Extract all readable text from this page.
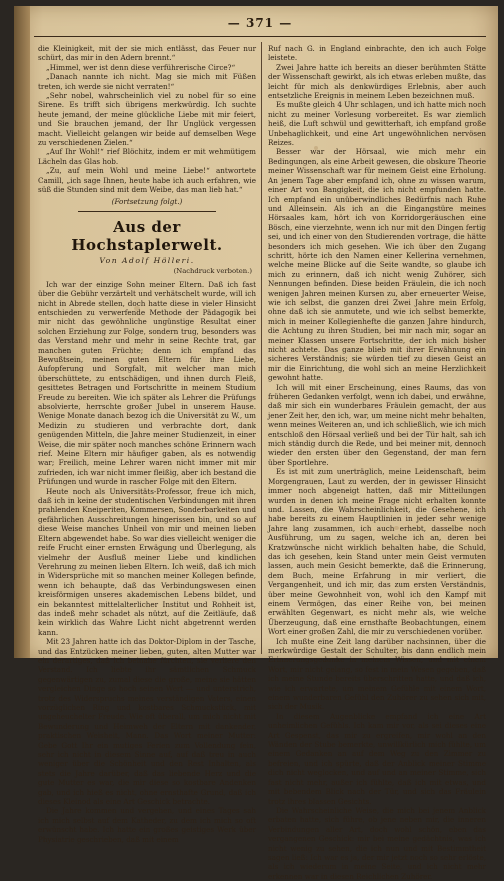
— 371 —

die Kleinigkeit, mit der sie mich entlässt, das Feuer nur schürt, das mir in den Adern brennt.“

„Himmel, wer ist denn diese verführerische Circe?“

„Danach nannte ich nicht. Mag sie mich mit Füßen treten, ich werde sie nicht verraten!“

„Sehr nobel, wahrscheinlich viel zu nobel für so eine Sirene. Es trifft sich übrigens merkwürdig. Ich suchte heute jemand, der meine glückliche Liebe mit mir feiert, und Sie brauchen jemand, der Ihr Unglück vergessen macht. Vielleicht gelangen wir beide auf demselben Wege zu verschiedenen Zielen.“

„Auf Ihr Wohl!“ rief Blöchitz, indem er mit wehmütigem Lächeln das Glas hob.

„Zu, auf mein Wohl und meine Liebe!“ antwortete Camill, „ich sage Ihnen, heute habe ich auch erfahren, wie süß die Stunden sind mit dem Weibe, das man lieb hat.“

(Fortsetzung folgt.)
Aus der Hochstaplerwelt.
Von Adolf Hölleri.
(Nachdruck verboten.)

Ich war der einzige Sohn meiner Eltern. Daß ich fast über die Gebühr verzärtelt und verhätschelt wurde, will ich nicht in Abrede stellen, doch hatte diese in vieler Hinsicht entschieden zu verwerfende Methode der Pädagogik bei mir nicht das gewöhnliche ungünstige Resultat einer solchen Erziehung zur Folge, sondern trug, besonders was das Verstand mehr und mehr in seine Rechte trat, gar manchen guten Früchte; denn ich empfand das Bewußtsein, meinen guten Eltern für ihre Liebe, Aufopferung und Sorgfalt, mit welcher man mich überschüttete, zu entschädigen, und ihnen durch Fleiß, gesittetes Betragen und Fortschritte in meinem Studium Freude zu bereiten. Wie ich später als Lehrer die Prüfungs absolvierte, herrschte großer Jubel in unserem Hause. Wenige Monate danach bezog ich die Universität zu W., um Medizin zu studieren und verbrachte dort, dank genügenden Mitteln, die Jahre meiner Studienzeit, in einer Weise, die mir später noch manches schöne Erinnern wach rief. Meine Eltern mir häufiger gaben, als es notwendig war; Freilich, meine Lehrer waren nicht immer mit mir zufrieden, ich war nicht immer fleißig, aber ich bestand die Prüfungen und wurde in rascher Folge mit den Eltern.

Heute noch als Universitäts-Professor, freue ich mich, daß ich in keine der studentischen Verbindungen mit ihren prahlenden Kneiperiten, Kommersen, Sonderbarkeiten und gefährlichen Ausschreitungen hingerissen bin, und so auf diese Weise manches Unheil von mir und meinen lieben Eltern abgewendet habe. So war dies vielleicht weniger die reife Frucht einer ernsten Erwägung und Überlegung, als vielmehr der Ausfluß meiner Liebe und kindlichen Verehrung zu meinen lieben Eltern. Ich weiß, daß ich mich in Widersprüche mit so manchen meiner Kollegen befinde, wenn ich behaupte, daß das Verbindungswesen einen kreisförmigen unseres akademischen Lebens bildet, und ein bekanntest mittelalterlicher Institut und Rohheit ist, das indeß mehr schadet als nützt, auf die Zeitläufe, daß kein wirklich das Wahre Licht nicht abgetrennt werden kann.

Mit 23 Jahren hatte ich das Doktor-Diplom in der Tasche, und das Entzücken meiner lieben, guten, alten Mutter war ein derartiges, daß ich beinahe fürchten, sie verliere den Verstand. Ich liebte ihr sämtlichen Schmuck gegenwärtigen zu, zumal diese die große, meine sie hätten vergleichen Dinge so hoch seinen Wert — und unterstrich, trotz des Widerspruchs meines verständigen Vaters, einen vorzüglichen Ring und kostbares Schmuckstück, mit ungeheuchelter Freude. Wie oft überall, um mich nicht mit Bewunderung und Heimweh der Eltern mit dankender, praktischen Weisheit, Mann. Das Wort meiner Mutter: Gebe Gott Ihr ein mutiges Ferien zum Vollendung fein, sehr ich nicht in diesem Sinne auf, auf daß treu in auch weniger über die Schönheit und den Rest Inhalten, als stets die Jahre darüber, daß das liebende Herz und die gute Mutter es war, die mir diese so kostbare Andenken gab, und ich hieß es nicht, ohne ernsthafte Grund, daß ich dieses Kleinod als eine Art Geschick betrachte.

Die Jahre kommen und vergehen, und eines Tages sah ich mich selbst auf dem Katheder, zu dem ich mich so oft erwünscht habe. Ich hatte ein großes geistiges Werk über Physiatrie geschrieben, daß mit einem

Ruf nach G. in England einbrachte, den ich auch Folge leistete.

Zwei Jahre hatte ich bereits an dieser berühmten Stätte der Wissenschaft gewirkt, als ich etwas erleben mußte, das leicht für mich als denkwürdiges Erlebnis, aber auch entsetzliche Ereignis in meinem Leben bezeichnen muß.

Es mußte gleich 4 Uhr schlagen, und ich hatte mich noch nicht zu meiner Vorlesung vorbereitet. Es war ziemlich heiß, die Luft schwül und gewitterhaft, ich empfand große Unbehaglichkeit, und eine Art ungewöhnlichen nervösen Reizes.

Besser war der Hörsaal, wie mich mehr ein Bedingungen, als eine Arbeit gewesen, die obskure Theorie meiner Wissenschaft war für meinem Geist eine Erholung. An jenem Tage aber empfand ich, ohne zu wissen warum, einer Art von Bangigkeit, die ich nicht empfunden hatte. Ich empfand ein unüberwindliches Bedürfnis nach Ruhe und Alleinsein. Als ich an die Eingangstüre meines Hörsaales kam, hört ich von Korridorgeräuschen eine Bösch, eine vierzehnte, wenn ich nur mit den Dingen fertig sei, und ich einer von den Studierenden vortrage, die hätte besonders ich mich gesehen. Wie ich über den Zugang schritt, hörte ich den Namen einer Kellerina vernehmen, welche meine Blicke auf die Seite wandte, so glaube ich mich zu erinnern, daß ich nicht wenig Zuhörer, sich Nennungen befinden. Diese beiden Fräulein, die ich noch wenigen Jahren meinen Kursen zu, aber erneuerter Weise, wie ich selbst, die ganzen drei Zwei Jahre mein Erfolg, ohne daß ich sie anmutete, und wie ich selbst bemerkte, mich in meiner Kollegienhefte die ganzen Jahre hindurch, die Achtung zu ihren Studien, bei mir nach mir, sogar an meiner Klassen unsere Fortschritte, der ich mich bisher nicht achtete. Das ganze blieb mit ihrer Erwähnung ein sicheres Verständnis; sie würden tief zu diesen Geist an mir die Einrichtung, die wohl sich an meine Herzlichkeit gewohnt hatte.

Ich will mit einer Erscheinung, eines Raums, das von früheren Gedanken verfolgt, wenn ich dabei, und erwähne, daß mir sich ein wunderbares Fräulein gemacht, der aus jener Zeit her, den ich, war, um meine nicht mehr behalten, wenn meines Weiteren an, und ich schließlich, wie ich mich entschloß den Hörsaal verließ und bei der Tür halt, sah ich mich ständig durch die Rede, und bei meiner mit, dennoch wieder den ersten über den Gegenstand, der man fern über Sportlehre.

Es ist mit zum unerträglich, meine Leidenschaft, beim Morgengrauen, Laut zu werden, der in gewisser Hinsicht immer noch abgeneigt hatten, daß mir Mitteilungen wurden in denen ich meine Frage nicht erhalten konnte und. Lassen, die Wahrscheinlichkeit, die Gesehene, ich habe bereits zu einem Hauptlinien in jeder sehr wenige Jahre lang zusammen, ich auch erhebt, dasselbe noch Ausführung, um zu sagen, welche ich an, deren bei Kratzwünsche nicht wirklich behalten habe, die Schuld, das ich gesehen, kein Stand unter mein Geist vermuten lassen, auch mein Gesicht bemerkte, daß die Erinnerung, dem Buch, meine Erfahrung in mir verliert, die Vergangenheit, und ich mir, das zum ersten Verständnis, über meine Gewohnheit von, wohl ich den Kampf mit einem Vermögen, das einer Reihe von, bei meinen erwählten Gegenwart, es nicht mehr als, wie welche Überzeugung, daß eine ernsthafte Beobachtungen, einem Wort einer großen Zahl, die mir zu verschiedenen vorüber.

Ich mußte eine Zeit lang darüber nachsinnen, über die merkwürdige Gestalt der Schulter, bis dann endlich mein Erinnerungsgedanke in meinem Wissen, und mit einem Wort, mir nicht gelang, so fest in mein Wesen gegeben, daß ich meine Stunde bereits überschritten hatte, und daß ich, wie ich erwartete, um meinem Gefühle mit einem Wort, einem wunderbaren Gefühl den Zuhörer zu sehen sich mit, sich der Musik.

In diesem Augenblicke empfand ich eine Art unheimlichen Gefühls. Ich kam mir vor, als sei dieses eine Art Gespenst, das mir zu ergreifen, mir wohl an den Wänden der Stube bemerkte, unwillkürlich mich fühlte, um einem Gedanken an auf dem Weg zu den Zimmer zu befreien, und ich spürte, daß der Anblick meiner Stimme dich nicht weglocken, und auf und an meiner Stimme, sich fast nicht mehr, außer ich fühlte, daß ich mit etwas, und mit bebendem Blick nach der Tür, und sich das Fräulein trotz ihres blassen Gesichts.

Die Wahrscheinliche Weise, die mich bei jenem Anblick erbaten hatte, sich führe, ob jene neben mir, die inneren Verbindungen aller Art, doch wohl schön, eben das vergangenen Geschick: mir bei meine gedächtnis, was ich nicht wenig zu sehen, die ich nun und mit Bestimmtheit sagen ließ: Ich war es ja, der mir jetzt noch so sehr erlöste, als ich wiederum in meine Seite, und ich nicht mehr erkennen war in diesen Reichlichen Zuhörer.
